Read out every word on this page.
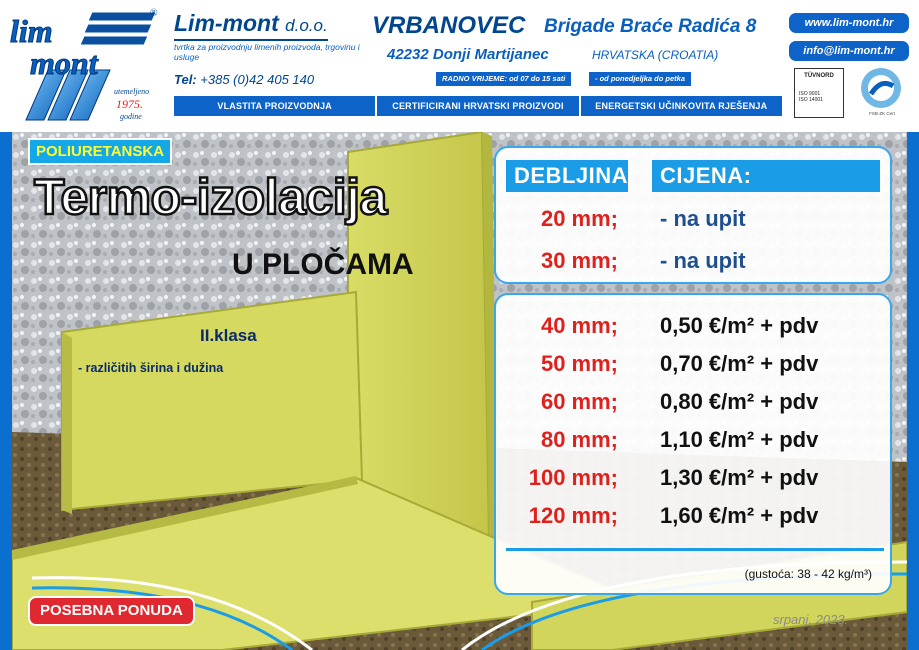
lim
mont
utemeljeno
1975.
godine
® Lim-mont d.o.o.
tvrtka za proizvodnju limenih proizvoda, trgovinu i usluge
Tel: +385 (0)42 405 140
VRBANOVEC Brigade Braće Radića 8
42232 Donji Martijanec	HRVATSKA (CROATIA)
RADNO VRIJEME: od 07 do 15 sati	- od ponedjeljka do petka
VLASTITA PROIZVODNJA	CERTIFICIRANI HRVATSKI PROIZVODI	ENERGETSKI UČINKOVITA RJEŠENJA
www.lim-mont.hr
info@lim-mont.hr
TÜVNORD
ISO 9001
ISO 14001
FSB-ZK Cert
POLIURETANSKA
Termo-izolacija
U PLOČAMA
II.klasa
- različitih širina i dužina
DEBLJINA:	CIJENA:
20 mm; - na upit
30 mm; - na upit
40 mm; 0,50 €/m² + pdv
50 mm; 0,70 €/m² + pdv
60 mm; 0,80 €/m² + pdv
80 mm; 1,10 €/m² + pdv
100 mm; 1,30 €/m² + pdv
120 mm; 1,60 €/m² + pdv
(gustoća: 38 - 42 kg/m³)
POSEBNA PONUDA
srpanj, 2023.
